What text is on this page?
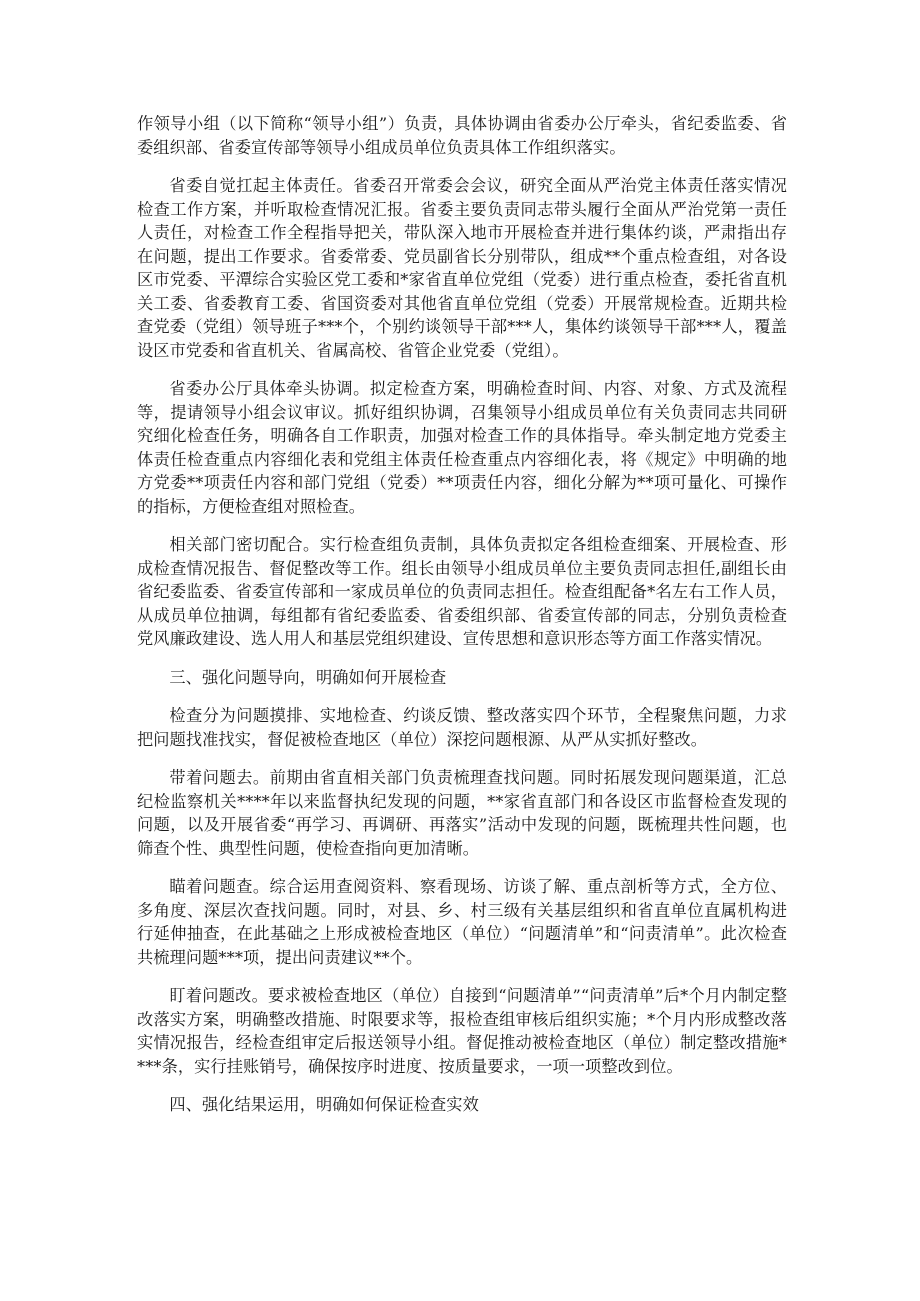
作领导小组（以下简称“领导小组”）负责，具体协调由省委办公厅牵头，省纪委监委、省委组织部、省委宣传部等领导小组成员单位负责具体工作组织落实。

省委自觉扛起主体责任。省委召开常委会会议，研究全面从严治党主体责任落实情况检查工作方案，并听取检查情况汇报。省委主要负责同志带头履行全面从严治党第一责任人责任，对检查工作全程指导把关，带队深入地市开展检查并进行集体约谈，严肃指出存在问题，提出工作要求。省委常委、党员副省长分别带队，组成**个重点检查组，对各设区市党委、平潭综合实验区党工委和*家省直单位党组（党委）进行重点检查，委托省直机关工委、省委教育工委、省国资委对其他省直单位党组（党委）开展常规检查。近期共检查党委（党组）领导班子***个，个别约谈领导干部***人，集体约谈领导干部***人，覆盖设区市党委和省直机关、省属高校、省管企业党委（党组）。

省委办公厅具体牵头协调。拟定检查方案，明确检查时间、内容、对象、方式及流程等，提请领导小组会议审议。抓好组织协调，召集领导小组成员单位有关负责同志共同研究细化检查任务，明确各自工作职责，加强对检查工作的具体指导。牵头制定地方党委主体责任检查重点内容细化表和党组主体责任检查重点内容细化表，将《规定》中明确的地方党委**项责任内容和部门党组（党委）**项责任内容，细化分解为**项可量化、可操作的指标，方便检查组对照检查。

相关部门密切配合。实行检查组负责制，具体负责拟定各组检查细案、开展检查、形成检查情况报告、督促整改等工作。组长由领导小组成员单位主要负责同志担任,副组长由省纪委监委、省委宣传部和一家成员单位的负责同志担任。检查组配备*名左右工作人员，从成员单位抽调，每组都有省纪委监委、省委组织部、省委宣传部的同志，分别负责检查党风廉政建设、选人用人和基层党组织建设、宣传思想和意识形态等方面工作落实情况。

三、强化问题导向，明确如何开展检查

检查分为问题摸排、实地检查、约谈反馈、整改落实四个环节，全程聚焦问题，力求把问题找准找实，督促被检查地区（单位）深挖问题根源、从严从实抓好整改。

带着问题去。前期由省直相关部门负责梳理查找问题。同时拓展发现问题渠道，汇总纪检监察机关****年以来监督执纪发现的问题，**家省直部门和各设区市监督检查发现的问题，以及开展省委“再学习、再调研、再落实”活动中发现的问题，既梳理共性问题，也筛查个性、典型性问题，使检查指向更加清晰。

瞄着问题查。综合运用查阅资料、察看现场、访谈了解、重点剖析等方式，全方位、多角度、深层次查找问题。同时，对县、乡、村三级有关基层组织和省直单位直属机构进行延伸抽查，在此基础之上形成被检查地区（单位）“问题清单”和“问责清单”。此次检查共梳理问题***项，提出问责建议**个。

盯着问题改。要求被检查地区（单位）自接到“问题清单”“问责清单”后*个月内制定整改落实方案，明确整改措施、时限要求等，报检查组审核后组织实施；*个月内形成整改落实情况报告，经检查组审定后报送领导小组。督促推动被检查地区（单位）制定整改措施****条，实行挂账销号，确保按序时进度、按质量要求，一项一项整改到位。

四、强化结果运用，明确如何保证检查实效
